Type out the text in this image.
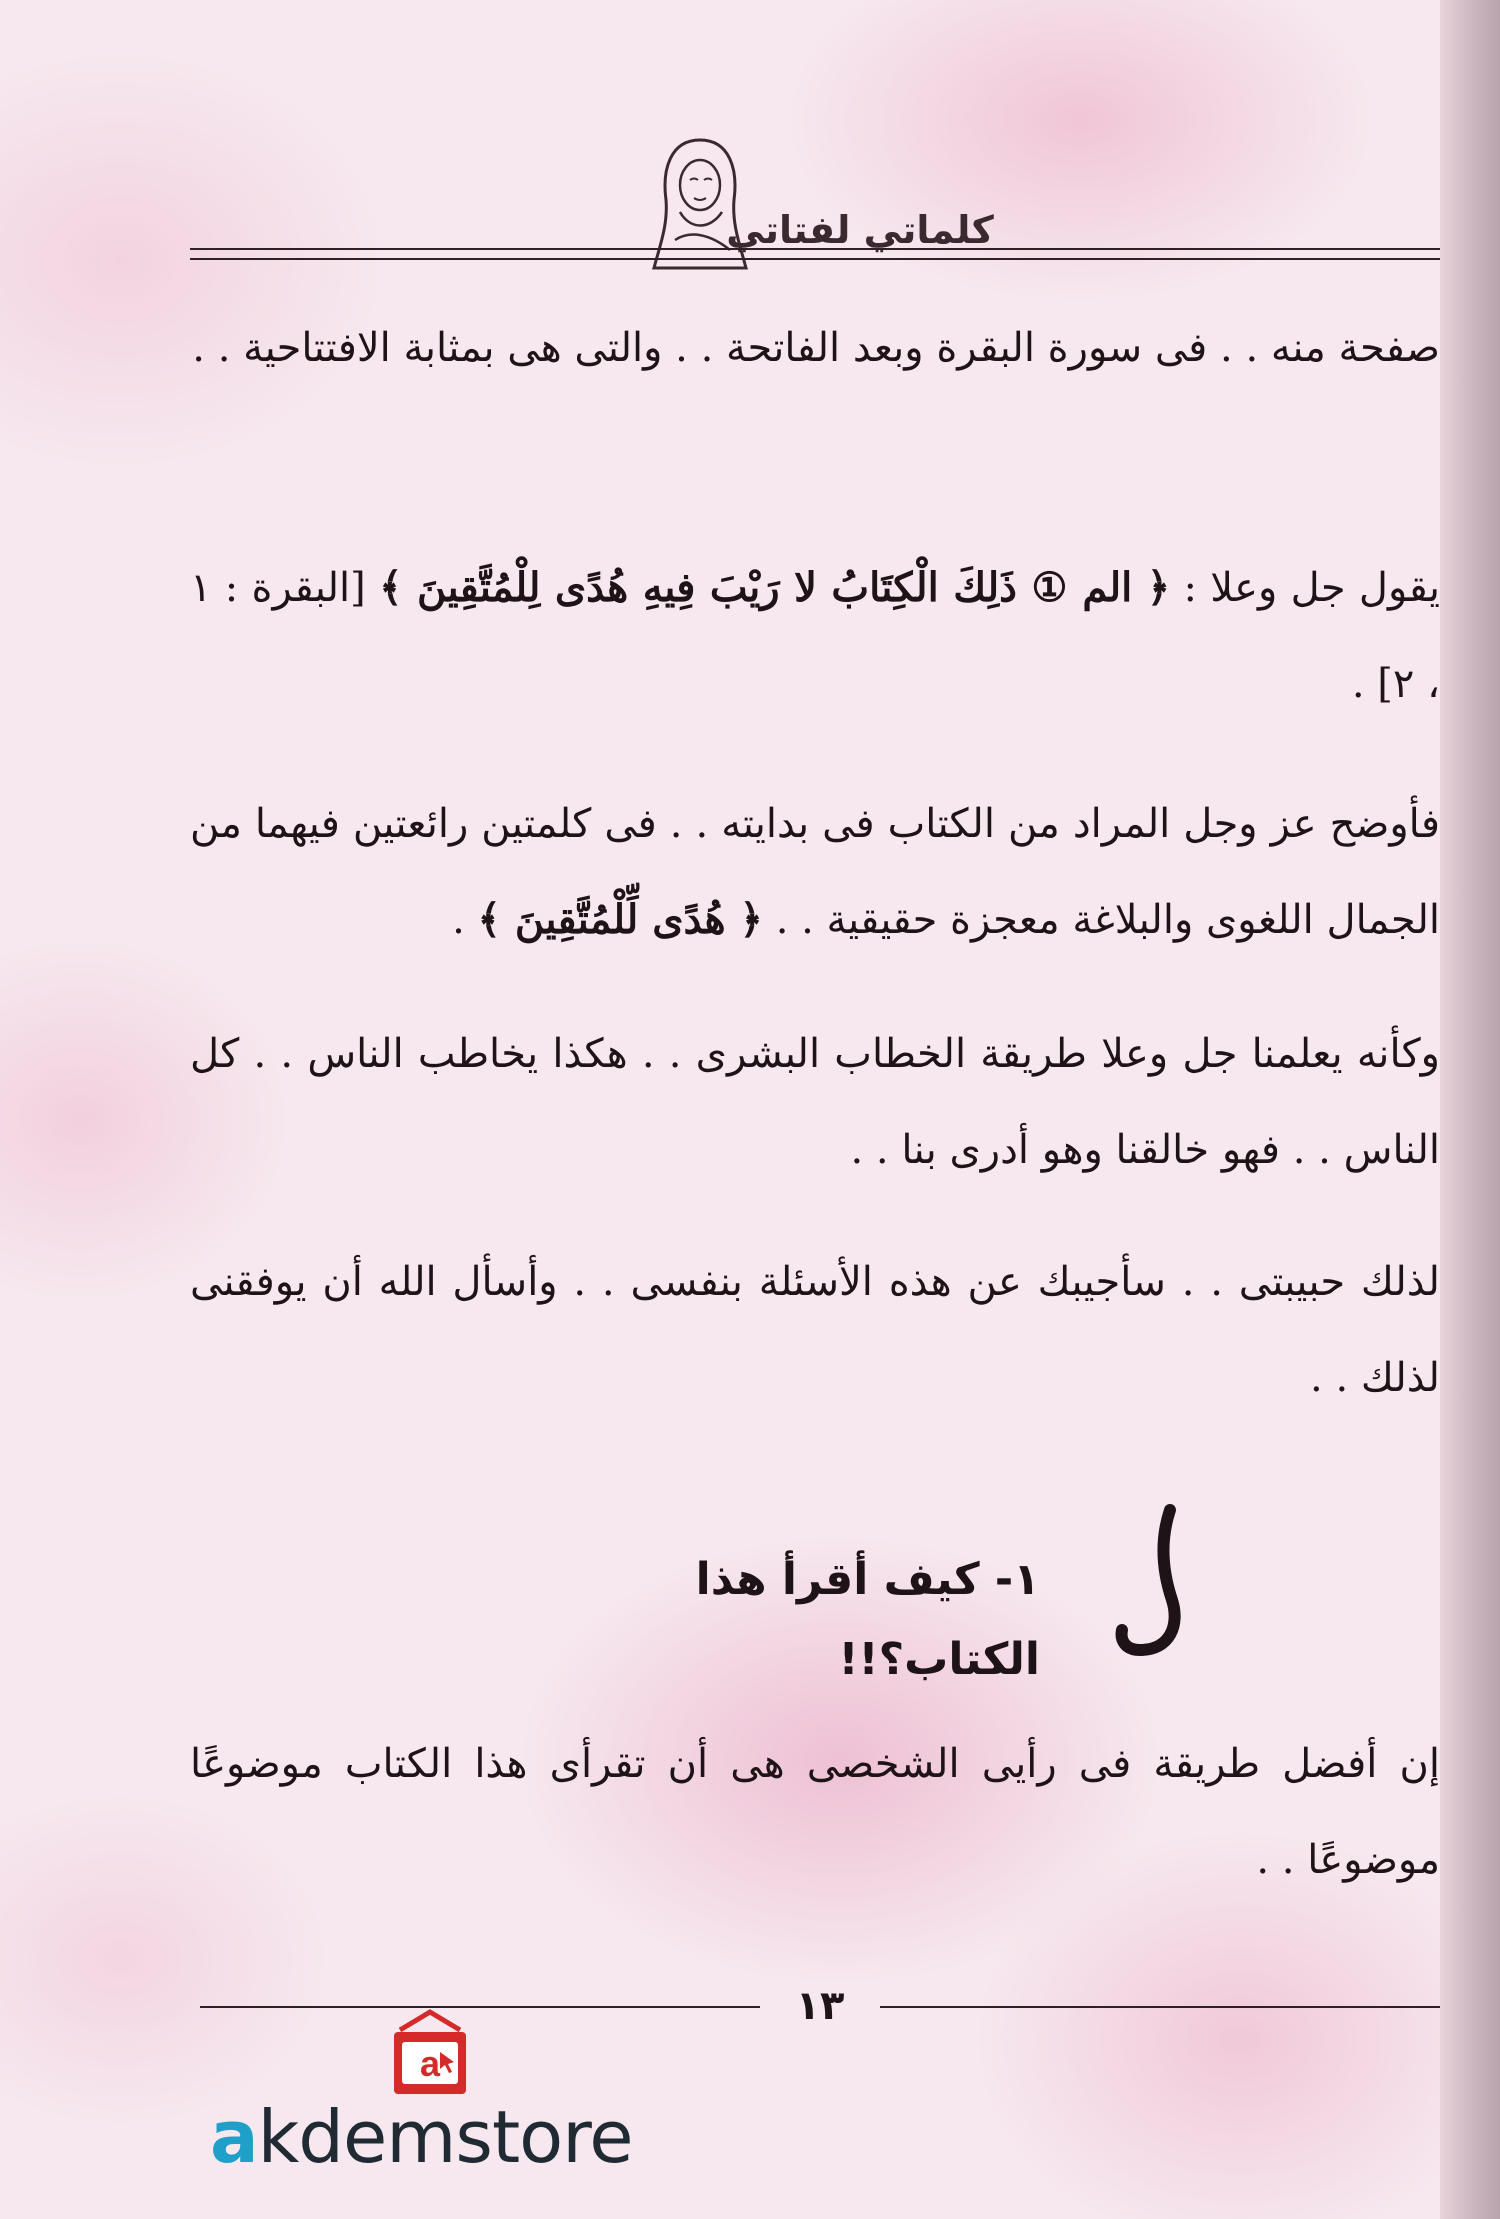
كلماتي لفتاتي

صفحة منه . . فى سورة البقرة وبعد الفاتحة . . والتى هى بمثابة الافتتاحية . .

يقول جل وعلا : ﴿ الم ① ذَلِكَ الْكِتَابُ لا رَيْبَ فِيهِ هُدًى لِلْمُتَّقِينَ ﴾ [البقرة : ١ ، ٢] .

فأوضح عز وجل المراد من الكتاب فى بدايته . . فى كلمتين رائعتين فيهما من الجمال اللغوى والبلاغة معجزة حقيقية . . ﴿ هُدًى لِّلْمُتَّقِينَ ﴾ .

وكأنه يعلمنا جل وعلا طريقة الخطاب البشرى . . هكذا يخاطب الناس . . كل الناس . . فهو خالقنا وهو أدرى بنا . .

لذلك حبيبتى . . سأجيبك عن هذه الأسئلة بنفسى . . وأسأل الله أن يوفقنى لذلك . .

١- كيف أقرأ هذا الكتاب؟!!

إن أفضل طريقة فى رأيى الشخصى هى أن تقرأى هذا الكتاب موضوعًا موضوعًا . .

١٣
a
akdemstore
